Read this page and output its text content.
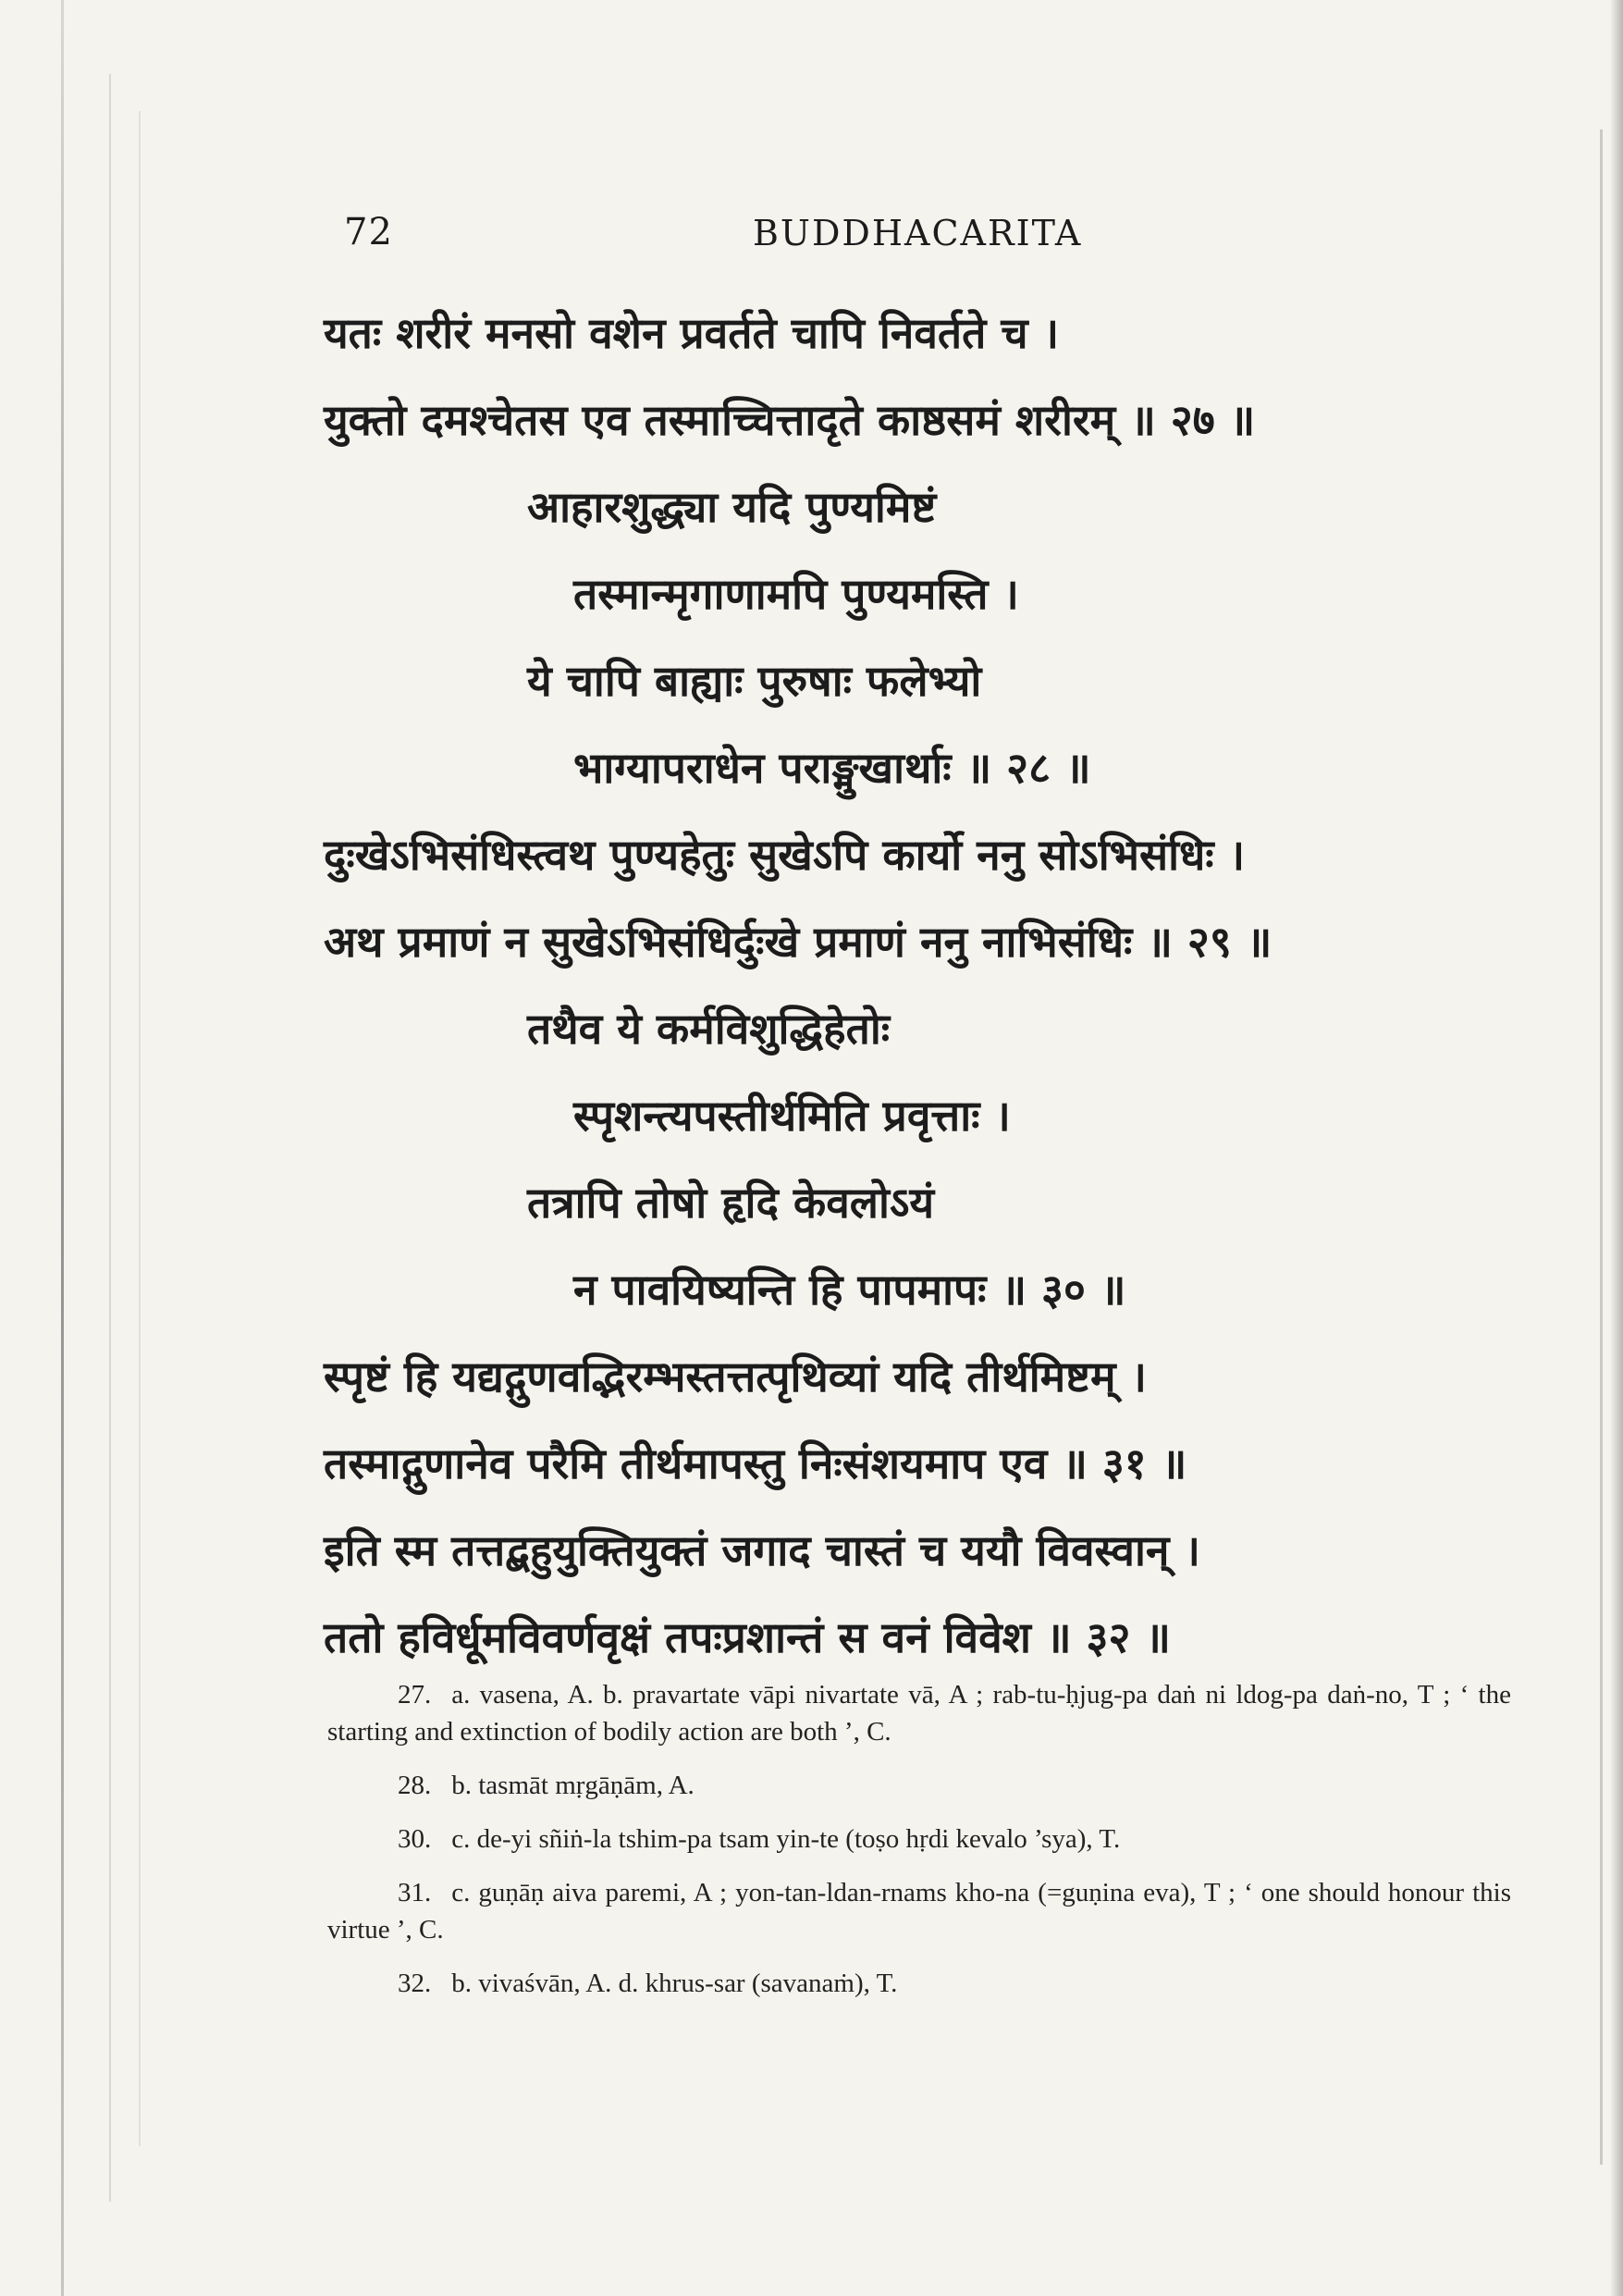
72	BUDDHACARITA
यतः शरीरं मनसो वशेन प्रवर्तते चापि निवर्तते च ।
युक्तो दमश्चेतस एव तस्माच्चित्तादृते काष्ठसमं शरीरम् ॥ २७ ॥
आहारशुद्ध्या यदि पुण्यमिष्टं
तस्मान्मृगाणामपि पुण्यमस्ति ।
ये चापि बाह्याः पुरुषाः फलेभ्यो
भाग्यापराधेन पराङ्मुखार्थाः ॥ २८ ॥
दुःखेऽभिसंधिस्त्वथ पुण्यहेतुः सुखेऽपि कार्यो ननु सोऽभिसंधिः ।
अथ प्रमाणं न सुखेऽभिसंधिर्दुःखे प्रमाणं ननु नाभिसंधिः ॥ २९ ॥
तथैव ये कर्मविशुद्धिहेतोः
स्पृशन्त्यपस्तीर्थमिति प्रवृत्ताः ।
तत्रापि तोषो हृदि केवलोऽयं
न पावयिष्यन्ति हि पापमापः ॥ ३० ॥
स्पृष्टं हि यद्यद्गुणवद्भिरम्भस्तत्तत्पृथिव्यां यदि तीर्थमिष्टम् ।
तस्माद्गुणानेव परैमि तीर्थमापस्तु निःसंशयमाप एव ॥ ३१ ॥
इति स्म तत्तद्बहुयुक्तियुक्तं जगाद चास्तं च ययौ विवस्वान् ।
ततो हविर्धूमविवर्णवृक्षं तपःप्रशान्तं स वनं विवेश ॥ ३२ ॥

27. a. vasena, A. b. pravartate vāpi nivartate vā, A ; rab-tu-ḥjug-pa daṅ ni ldog-pa daṅ-no, T ; ‘ the starting and extinction of bodily action are both ’, C.

28. b. tasmāt mṛgāṇām, A.

30. c. de-yi sñiṅ-la tshim-pa tsam yin-te (toṣo hṛdi kevalo ’sya), T.

31. c. guṇāṇ aiva paremi, A ; yon-tan-ldan-rnams kho-na (=guṇina eva), T ; ‘ one should honour this virtue ’, C.

32. b. vivaśvān, A. d. khrus-sar (savanaṁ), T.
